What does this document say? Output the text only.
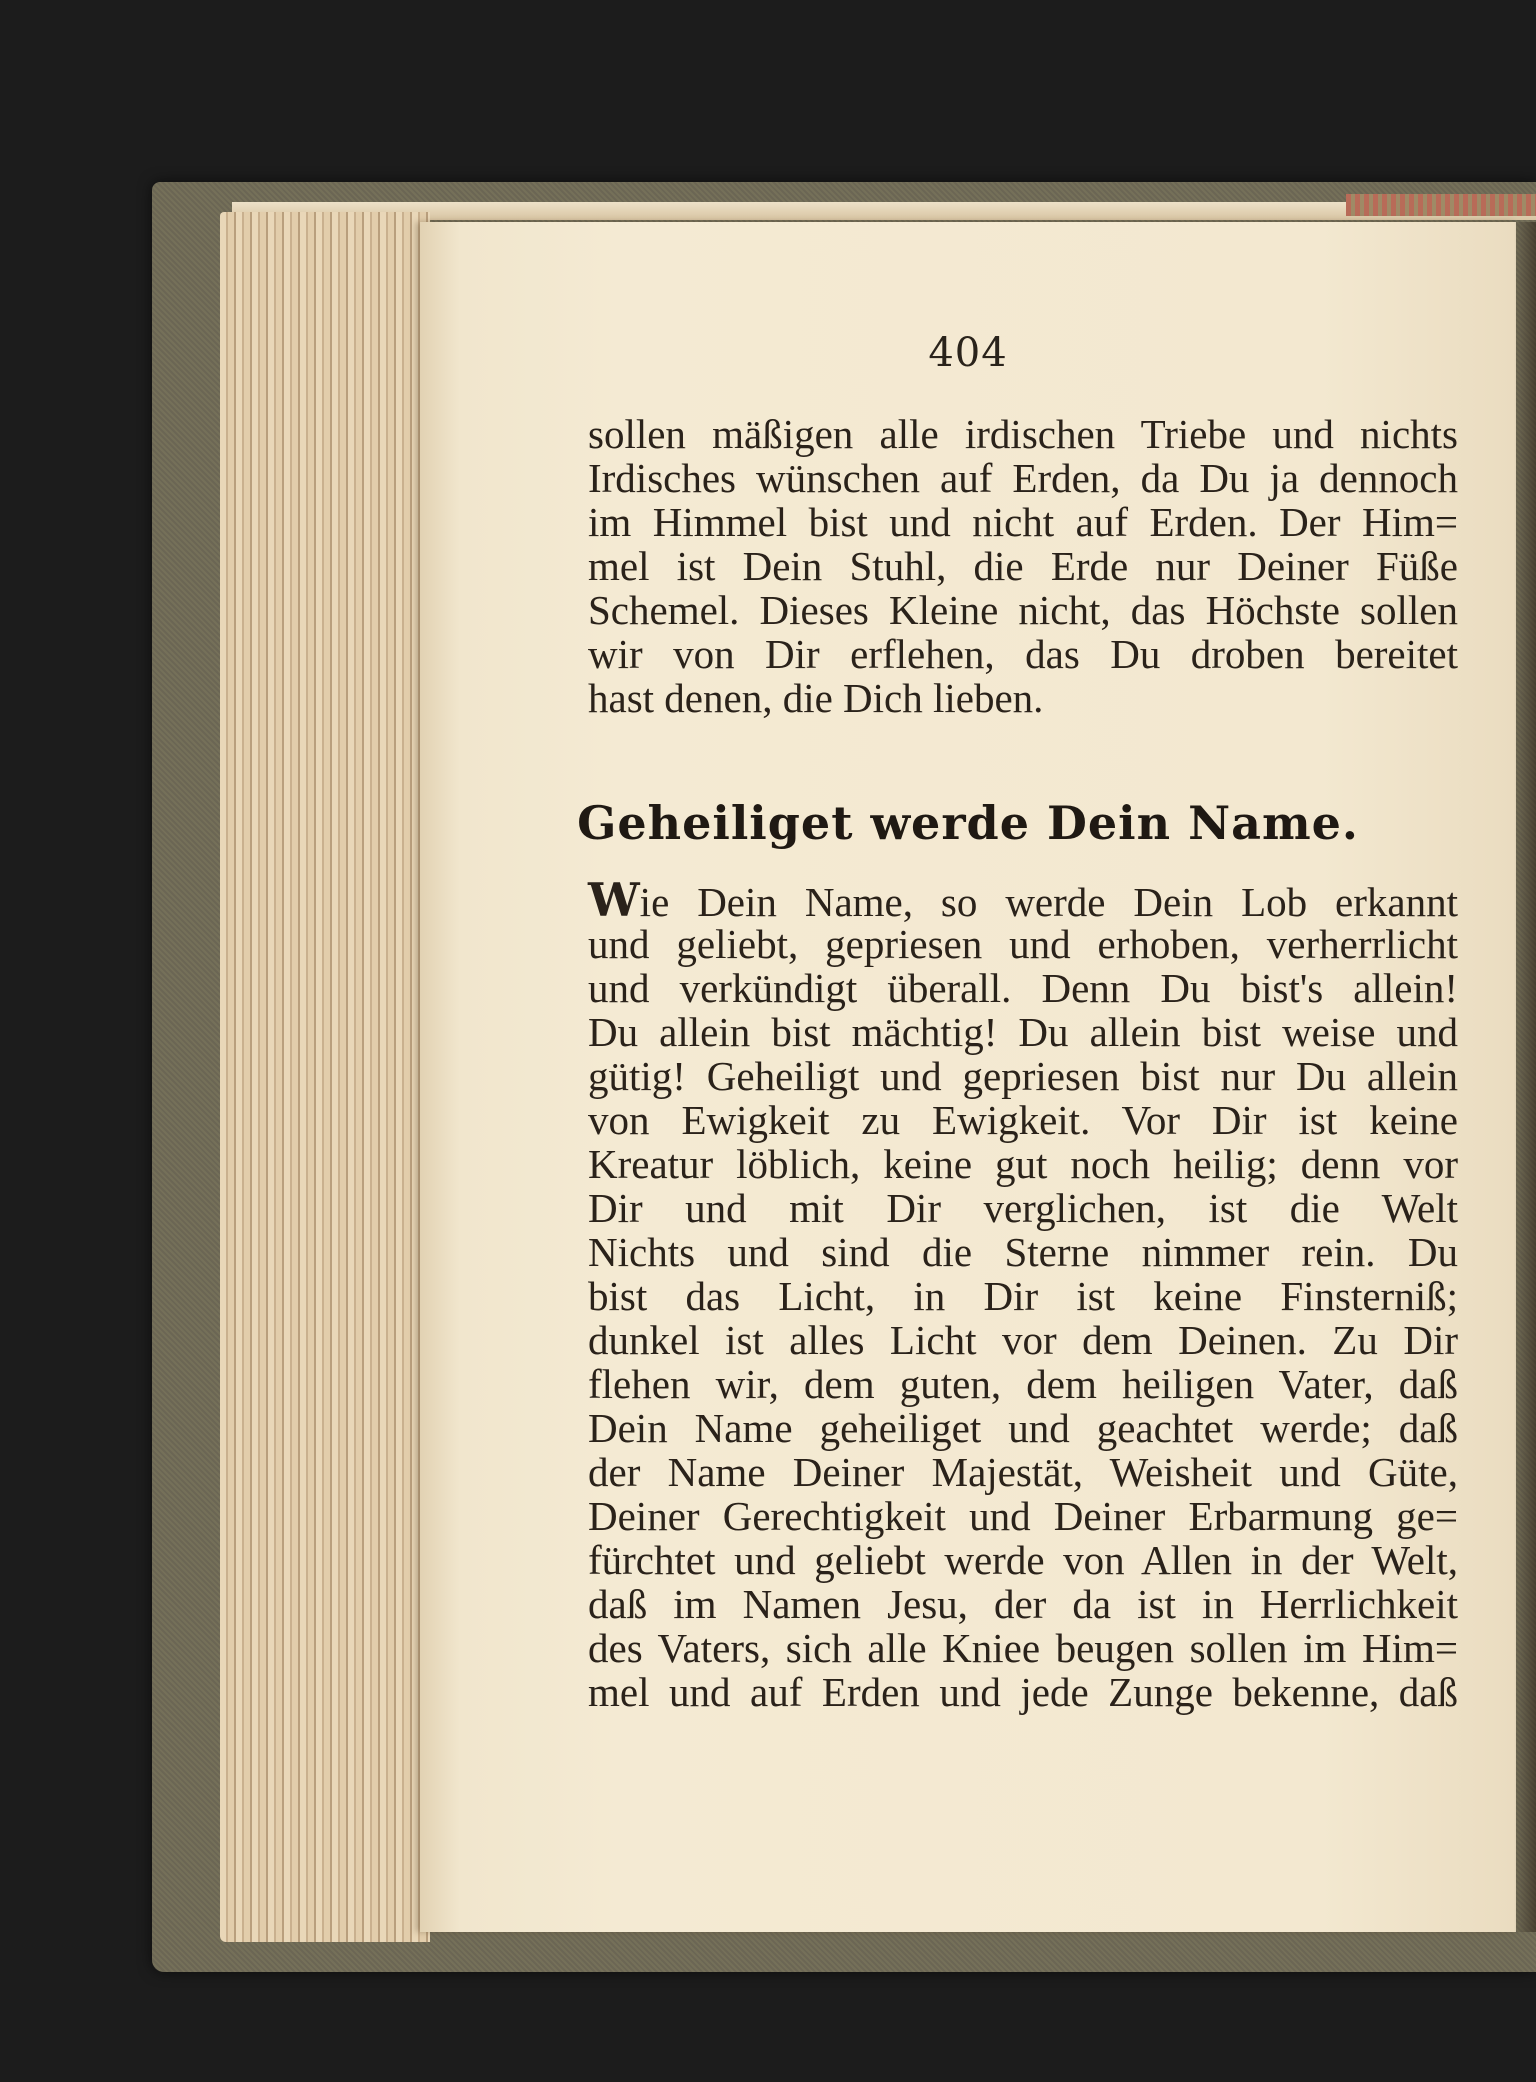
404
sollen mäßigen alle irdischen Triebe und nichts
Irdisches wünschen auf Erden, da Du ja dennoch
im Himmel bist und nicht auf Erden. Der Him=
mel ist Dein Stuhl, die Erde nur Deiner Füße
Schemel. Dieses Kleine nicht, das Höchste sollen
wir von Dir erflehen, das Du droben bereitet
hast denen, die Dich lieben.
Geheiliget werde Dein Name.
Wie Dein Name, so werde Dein Lob erkannt
und geliebt, gepriesen und erhoben, verherrlicht
und verkündigt überall. Denn Du bist's allein!
Du allein bist mächtig! Du allein bist weise und
gütig! Geheiligt und gepriesen bist nur Du allein
von Ewigkeit zu Ewigkeit. Vor Dir ist keine
Kreatur löblich, keine gut noch heilig; denn vor
Dir und mit Dir verglichen, ist die Welt
Nichts und sind die Sterne nimmer rein. Du
bist das Licht, in Dir ist keine Finsterniß;
dunkel ist alles Licht vor dem Deinen. Zu Dir
flehen wir, dem guten, dem heiligen Vater, daß
Dein Name geheiliget und geachtet werde; daß
der Name Deiner Majestät, Weisheit und Güte,
Deiner Gerechtigkeit und Deiner Erbarmung ge=
fürchtet und geliebt werde von Allen in der Welt,
daß im Namen Jesu, der da ist in Herrlichkeit
des Vaters, sich alle Kniee beugen sollen im Him=
mel und auf Erden und jede Zunge bekenne, daß
